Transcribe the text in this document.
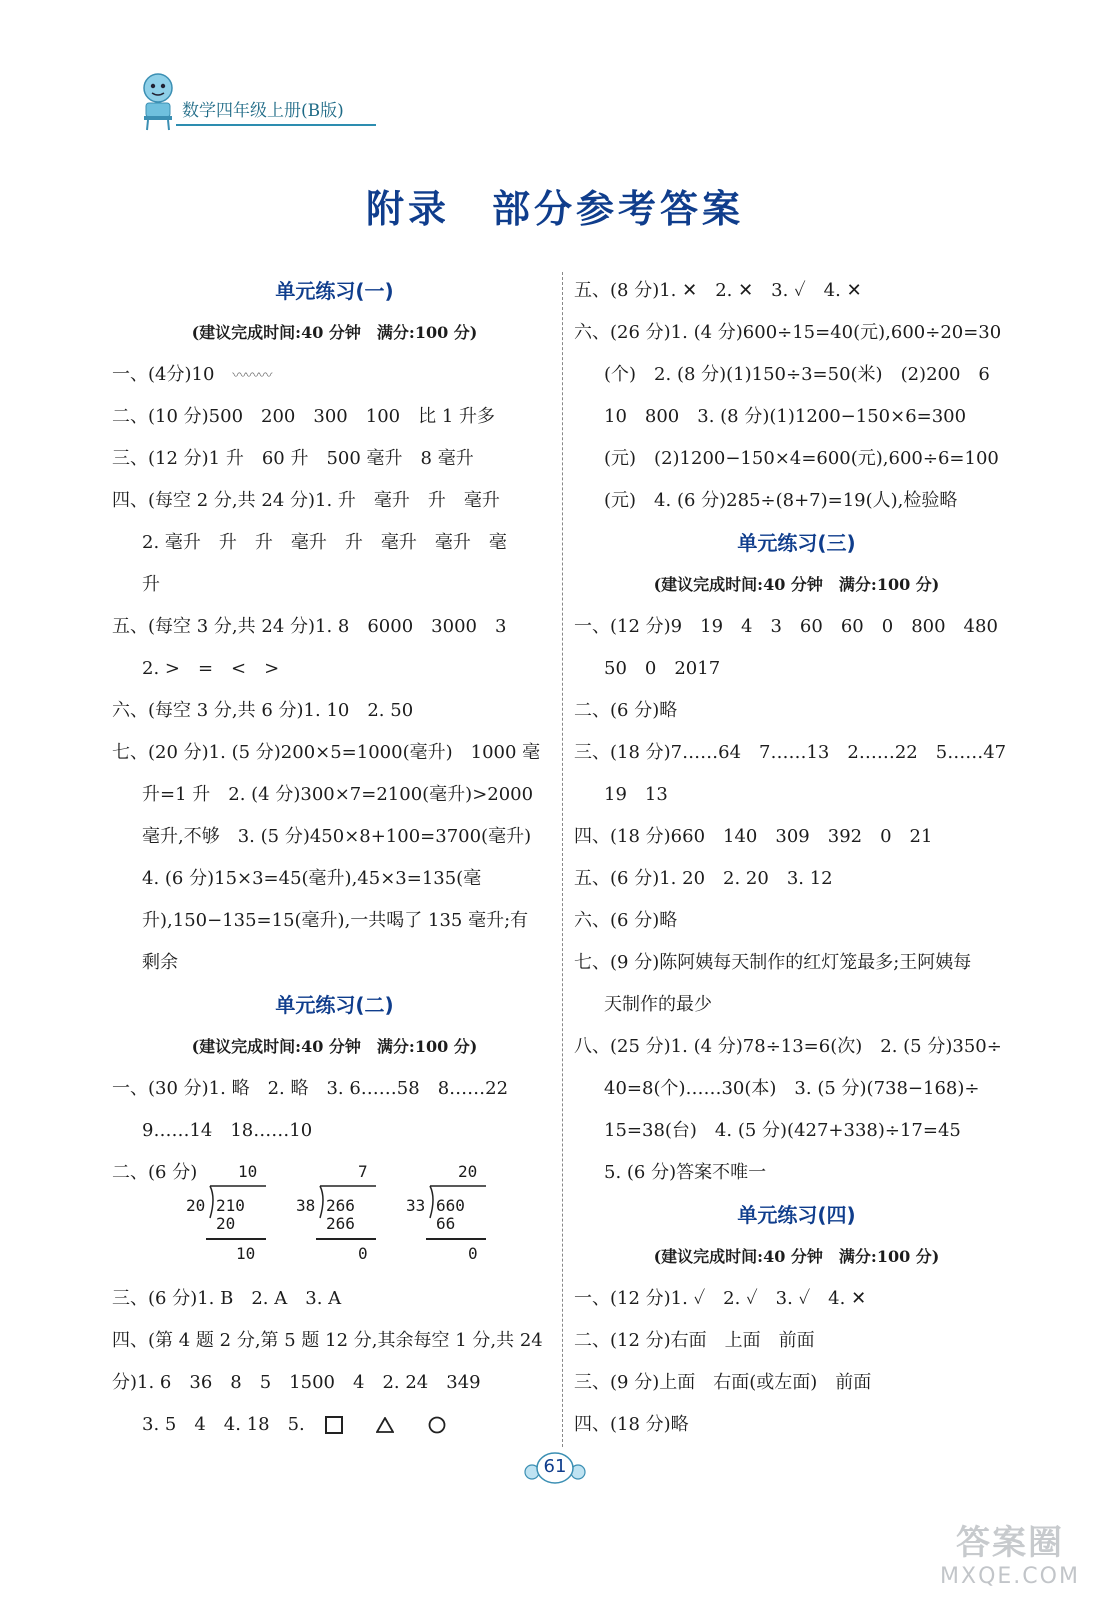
数学四年级上册(B版)
附录　部分参考答案
单元练习(一)
(建议完成时间:40 分钟　满分:100 分)
一、(4分)10　〰〰〰
二、(10 分)500　200　300　100　比 1 升多
三、(12 分)1 升　60 升　500 毫升　8 毫升
四、(每空 2 分,共 24 分)1. 升　毫升　升　毫升
2. 毫升　升　升　毫升　升　毫升　毫升　毫
升
五、(每空 3 分,共 24 分)1. 8　6000　3000　3
2. >　=　<　>
六、(每空 3 分,共 6 分)1. 10　2. 50
七、(20 分)1. (5 分)200×5=1000(毫升)　1000 毫
升=1 升　2. (4 分)300×7=2100(毫升)>2000
毫升,不够　3. (5 分)450×8+100=3700(毫升)
4. (6 分)15×3=45(毫升),45×3=135(毫
升),150−135=15(毫升),一共喝了 135 毫升;有
剩余
单元练习(二)
(建议完成时间:40 分钟　满分:100 分)
一、(30 分)1. 略　2. 略　3. 6……58　8……22
9……14　18……10
二、(6 分)	10
20 210
20
10
7
38 266
266
0
20
33 660
66
0
三、(6 分)1. B　2. A　3. A
四、(第 4 题 2 分,第 5 题 12 分,其余每空 1 分,共 24
分)1. 6　36　8　5　1500　4　2. 24　349
3. 5　4　4. 18　5.
五、(8 分)1. ✕　2. ✕　3. ✓　4. ✕
六、(26 分)1. (4 分)600÷15=40(元),600÷20=30
(个)　2. (8 分)(1)150÷3=50(米)　(2)200　6
10　800　3. (8 分)(1)1200−150×6=300
(元)　(2)1200−150×4=600(元),600÷6=100
(元)　4. (6 分)285÷(8+7)=19(人),检验略
单元练习(三)
(建议完成时间:40 分钟　满分:100 分)
一、(12 分)9　19　4　3　60　60　0　800　480
50　0　2017
二、(6 分)略
三、(18 分)7……64　7……13　2……22　5……47
19　13
四、(18 分)660　140　309　392　0　21
五、(6 分)1. 20　2. 20　3. 12
六、(6 分)略
七、(9 分)陈阿姨每天制作的红灯笼最多;王阿姨每
天制作的最少
八、(25 分)1. (4 分)78÷13=6(次)　2. (5 分)350÷
40=8(个)……30(本)　3. (5 分)(738−168)÷
15=38(台)　4. (5 分)(427+338)÷17=45
5. (6 分)答案不唯一
单元练习(四)
(建议完成时间:40 分钟　满分:100 分)
一、(12 分)1. ✓　2. ✓　3. ✓　4. ✕
二、(12 分)右面　上面　前面
三、(9 分)上面　右面(或左面)　前面
四、(18 分)略
61
答案圈
MXQE.COM
